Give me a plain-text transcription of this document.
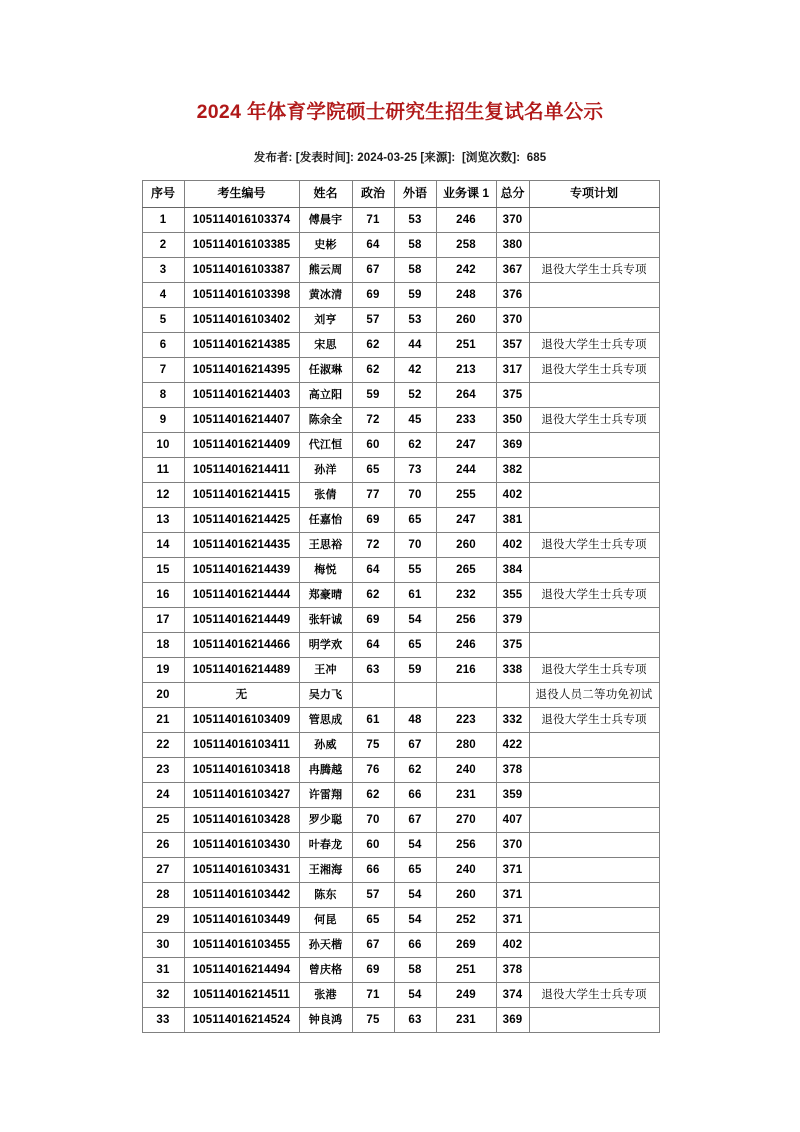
2024 年体育学院硕士研究生招生复试名单公示

发布者: [发表时间]: 2024-03-25 [来源]:  [浏览次数]:  685

序号	考生编号	姓名	政治	外语	业务课 1	总分	专项计划
1	105114016103374	傅晨宇	71	53	246	370	
2	105114016103385	史彬	64	58	258	380	
3	105114016103387	熊云周	67	58	242	367	退役大学生士兵专项
4	105114016103398	黄冰清	69	59	248	376	
5	105114016103402	刘亨	57	53	260	370	
6	105114016214385	宋思	62	44	251	357	退役大学生士兵专项
7	105114016214395	任淑琳	62	42	213	317	退役大学生士兵专项
8	105114016214403	高立阳	59	52	264	375	
9	105114016214407	陈余全	72	45	233	350	退役大学生士兵专项
10	105114016214409	代江恒	60	62	247	369	
11	105114016214411	孙洋	65	73	244	382	
12	105114016214415	张倩	77	70	255	402	
13	105114016214425	任嘉怡	69	65	247	381	
14	105114016214435	王思裕	72	70	260	402	退役大学生士兵专项
15	105114016214439	梅悦	64	55	265	384	
16	105114016214444	郑豪晴	62	61	232	355	退役大学生士兵专项
17	105114016214449	张轩诚	69	54	256	379	
18	105114016214466	明学欢	64	65	246	375	
19	105114016214489	王冲	63	59	216	338	退役大学生士兵专项
20	无	吴力飞					退役人员二等功免初试
21	105114016103409	管思成	61	48	223	332	退役大学生士兵专项
22	105114016103411	孙威	75	67	280	422	
23	105114016103418	冉腾越	76	62	240	378	
24	105114016103427	许雷翔	62	66	231	359	
25	105114016103428	罗少聪	70	67	270	407	
26	105114016103430	叶春龙	60	54	256	370	
27	105114016103431	王湘海	66	65	240	371	
28	105114016103442	陈东	57	54	260	371	
29	105114016103449	何昆	65	54	252	371	
30	105114016103455	孙天楷	67	66	269	402	
31	105114016214494	曾庆格	69	58	251	378	
32	105114016214511	张港	71	54	249	374	退役大学生士兵专项
33	105114016214524	钟良鸿	75	63	231	369	
